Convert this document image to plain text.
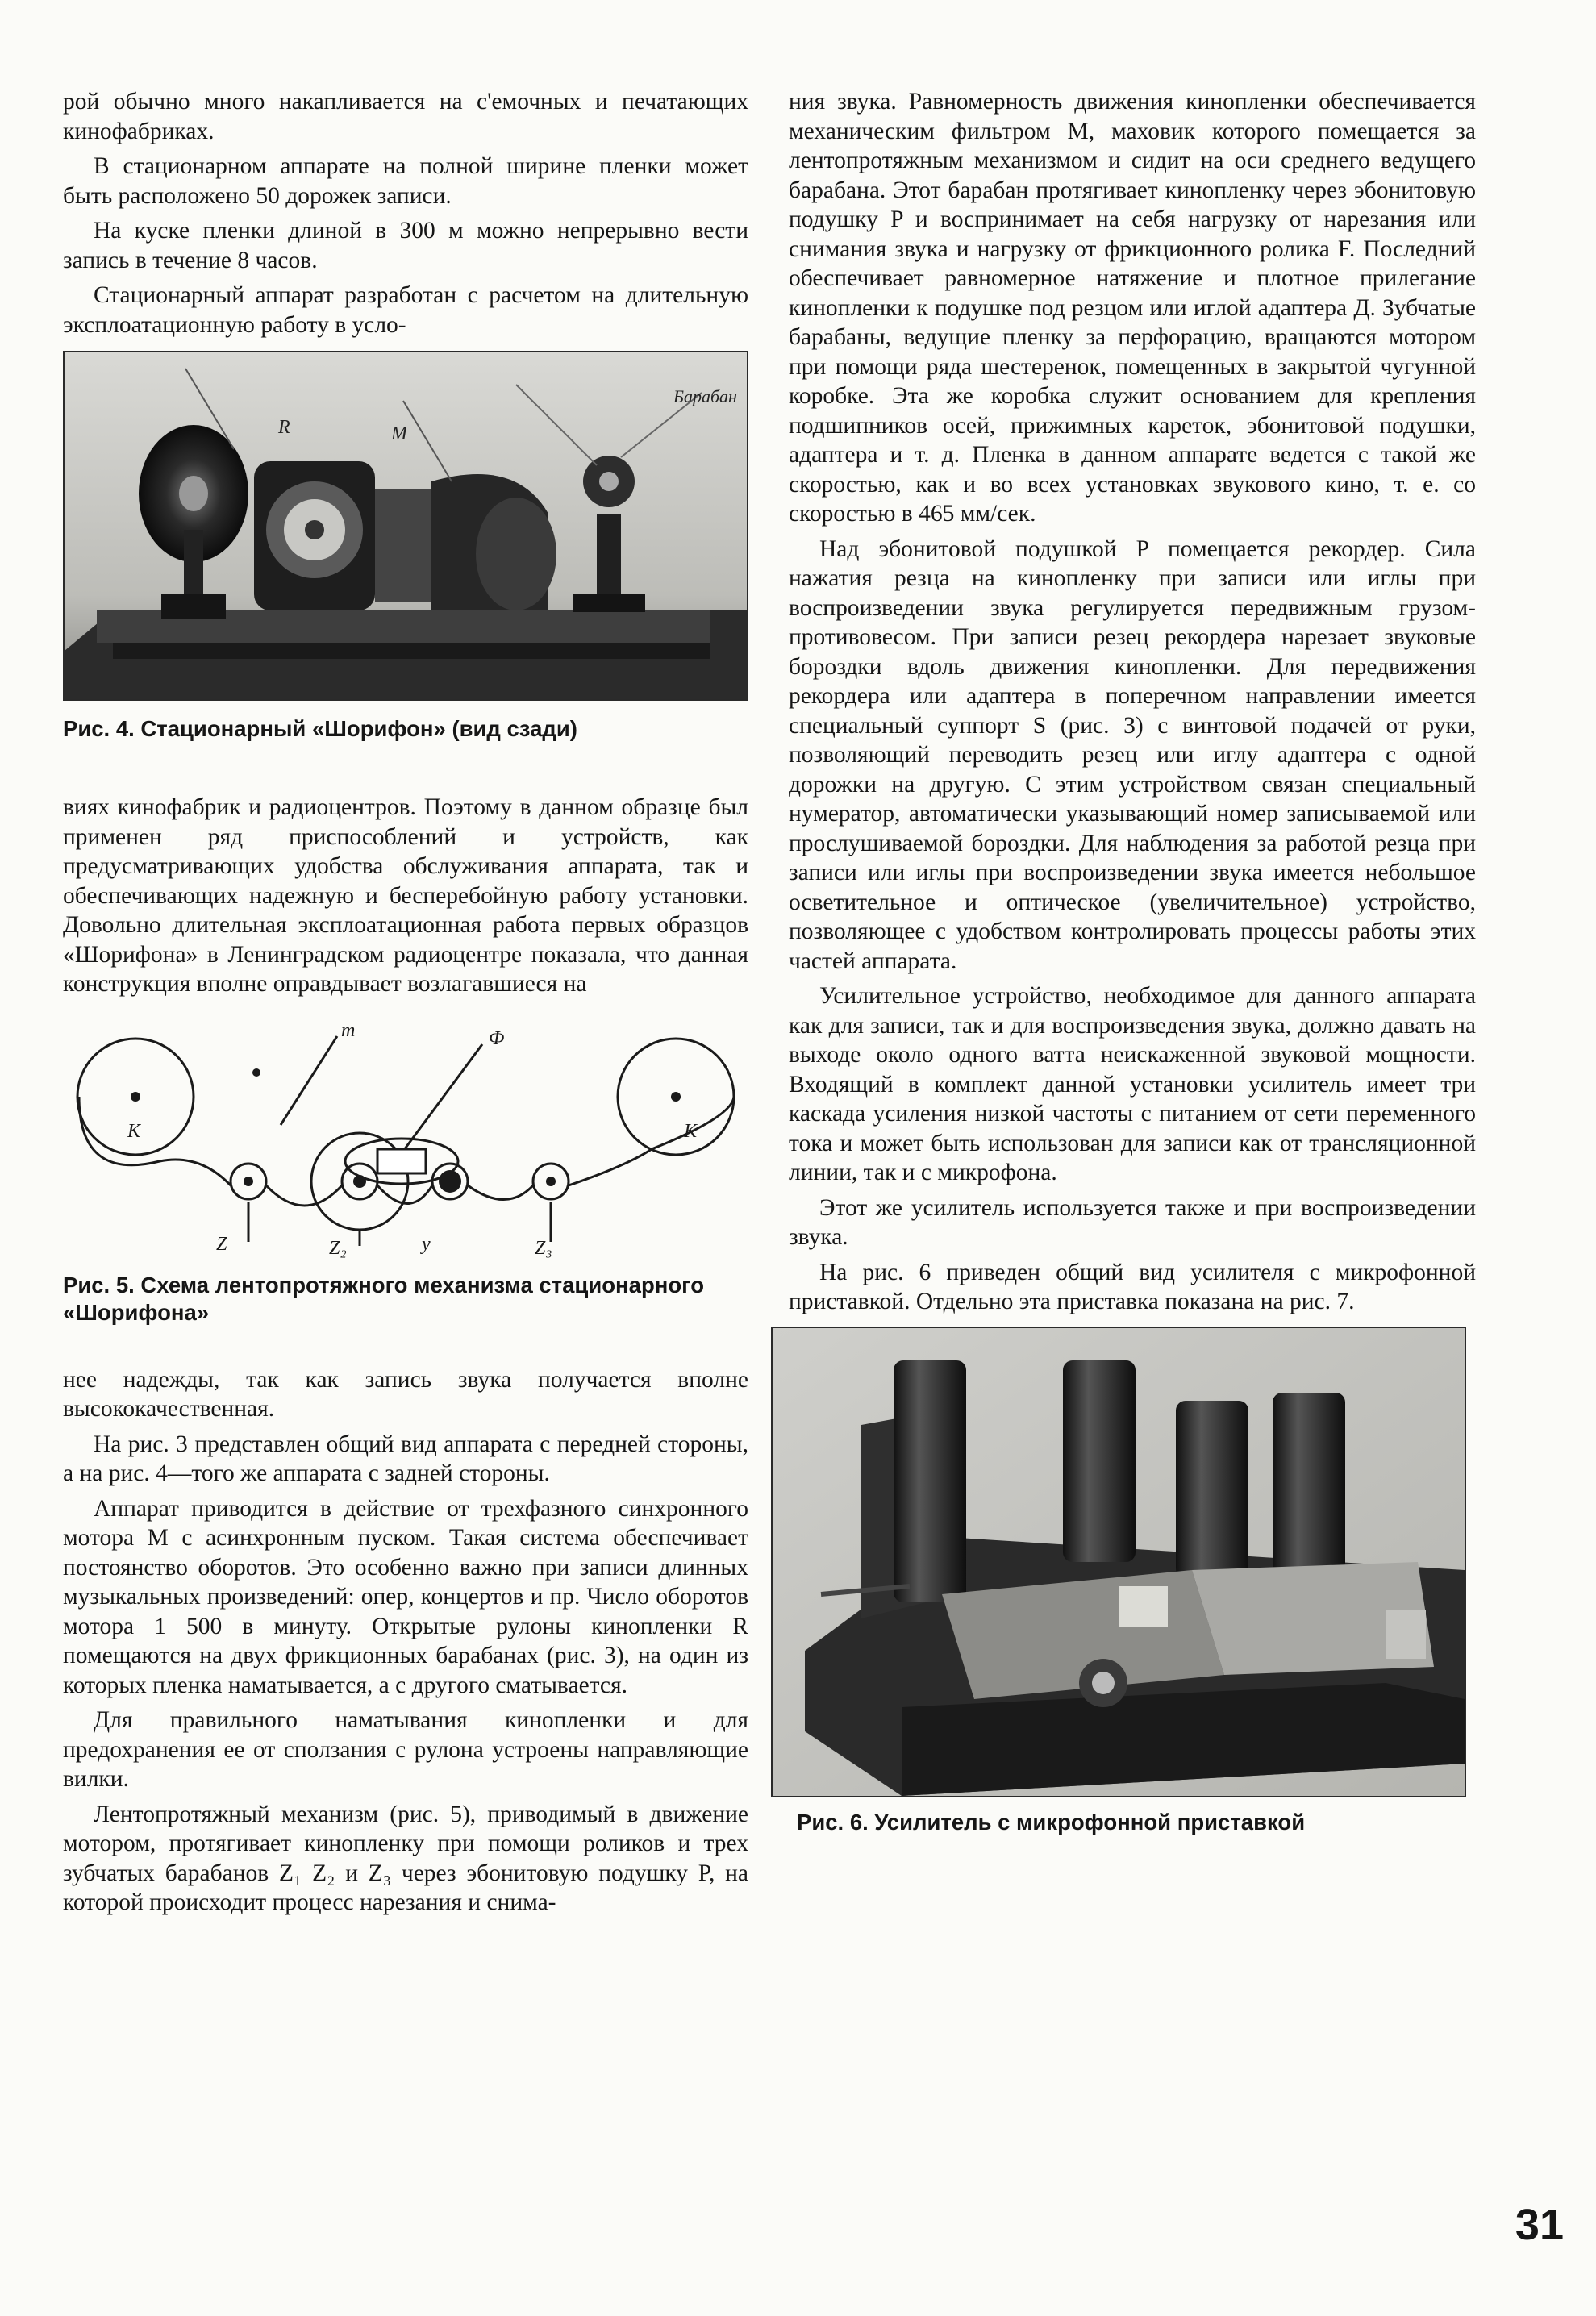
рой обычно много накапливается на с'емочных и печатающих кинофабриках.

В стационарном аппарате на полной ширине пленки может быть расположено 50 дорожек записи.

На куске пленки длиной в 300 м можно непрерывно вести запись в течение 8 часов.

Стационарный аппарат разработан с расчетом на длительную эксплоатационную работу в усло-

R	M
Барабан

Рис. 4. Стационарный «Шорифон» (вид сзади)

виях кинофабрик и радиоцентров. Поэтому в данном образце был применен ряд приспособлений и устройств, как предусматривающих удобства обслуживания аппарата, так и обеспечивающих надежную и бесперебойную работу установки. Довольно длительная эксплоатационная работа первых образцов «Шорифона» в Ленинградском радиоцентре показала, что данная конструкция вполне оправдывает возлагавшиеся на

K	K
m	Ф
Z	Z₂	y	Z₃

Рис. 5. Схема лентопротяжного механизма стационарного «Шорифона»

нее надежды, так как запись звука получается вполне высококачественная.

На рис. 3 представлен общий вид аппарата с передней стороны, а на рис. 4—того же аппарата с задней стороны.

Аппарат приводится в действие от трехфазного синхронного мотора M с асинхронным пуском. Такая система обеспечивает постоянство оборотов. Это особенно важно при записи длинных музыкальных произведений: опер, концертов и пр. Число оборотов мотора 1 500 в минуту. Открытые рулоны кинопленки R помещаются на двух фрикционных барабанах (рис. 3), на один из которых пленка наматывается, а с другого сматывается.

Для правильного наматывания кинопленки и для предохранения ее от сползания с рулона устроены направляющие вилки.

Лентопротяжный механизм (рис. 5), приводимый в движение мотором, протягивает кинопленку при помощи роликов и трех зубчатых барабанов Z₁ Z₂ и Z₃ через эбонитовую подушку P, на которой происходит процесс нарезания и снима-

ния звука. Равномерность движения кинопленки обеспечивается механическим фильтром M, маховик которого помещается за лентопротяжным механизмом и сидит на оси среднего ведущего барабана. Этот барабан протягивает кинопленку через эбонитовую подушку P и воспринимает на себя нагрузку от нарезания или снимания звука и нагрузку от фрикционного ролика F. Последний обеспечивает равномерное натяжение и плотное прилегание кинопленки к подушке под резцом или иглой адаптера Д. Зубчатые барабаны, ведущие пленку за перфорацию, вращаются мотором при помощи ряда шестеренок, помещенных в закрытой чугунной коробке. Эта же коробка служит основанием для крепления подшипников осей, прижимных кареток, эбонитовой подушки, адаптера и т. д. Пленка в данном аппарате ведется с такой же скоростью, как и во всех установках звукового кино, т. е. со скоростью в 465 мм/сек.

Над эбонитовой подушкой P помещается рекордер. Сила нажатия резца на кинопленку при записи или иглы при воспроизведении звука регулируется передвижным грузом-противовесом. При записи резец рекордера нарезает звуковые бороздки вдоль движения кинопленки. Для передвижения рекордера или адаптера в поперечном направлении имеется специальный суппорт S (рис. 3) с винтовой подачей от руки, позволяющий переводить резец или иглу адаптера с одной дорожки на другую. С этим устройством связан специальный нумератор, автоматически указывающий номер записываемой или прослушиваемой бороздки. Для наблюдения за работой резца при записи или иглы при воспроизведении звука имеется небольшое осветительное и оптическое (увеличительное) устройство, позволяющее с удобством контролировать процессы работы этих частей аппарата.

Усилительное устройство, необходимое для данного аппарата как для записи, так и для воспроизведения звука, должно давать на выходе около одного ватта неискаженной звуковой мощности. Входящий в комплект данной установки усилитель имеет три каскада усиления низкой частоты с питанием от сети переменного тока и может быть использован для записи как от трансляционной линии, так и с микрофона.

Этот же усилитель используется также и при воспроизведении звука.

На рис. 6 приведен общий вид усилителя с микрофонной приставкой. Отдельно эта приставка показана на рис. 7.

Рис. 6. Усилитель с микрофонной приставкой

31
